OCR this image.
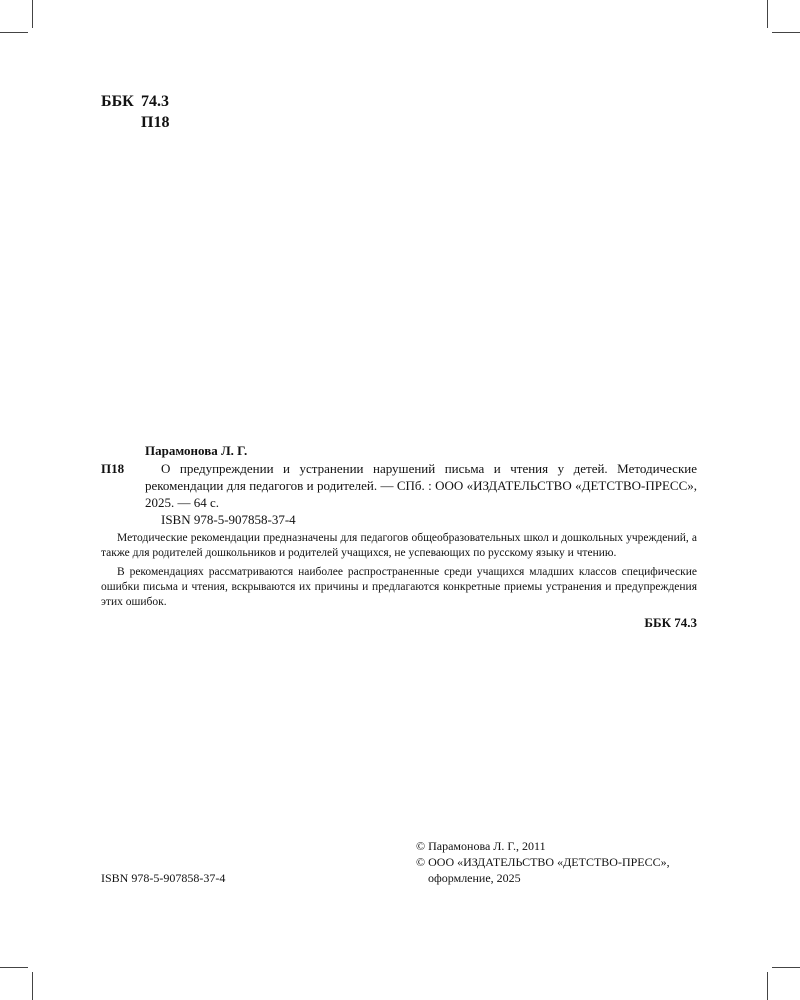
ББК 74.3
П18
Парамонова Л. Г.
П18	О предупреждении и устранении нарушений письма и чтения у детей. Методические рекомендации для педагогов и родителей. — СПб. : ООО «ИЗДАТЕЛЬСТВО «ДЕТСТВО-ПРЕСС», 2025. — 64 с.

ISBN 978-5-907858-37-4

Методические рекомендации предназначены для педагогов общеобразовательных школ и дошкольных учреждений, а также для родителей дошкольников и родителей учащихся, не успевающих по русскому языку и чтению.

В рекомендациях рассматриваются наиболее распространенные среди учащихся младших классов специфические ошибки письма и чтения, вскрываются их причины и предлагаются конкретные приемы устранения и предупреждения этих ошибок.

ББК 74.3
© Парамонова Л. Г., 2011
© ООО «ИЗДАТЕЛЬСТВО «ДЕТСТВО-ПРЕСС»,
оформление, 2025
ISBN 978-5-907858-37-4
